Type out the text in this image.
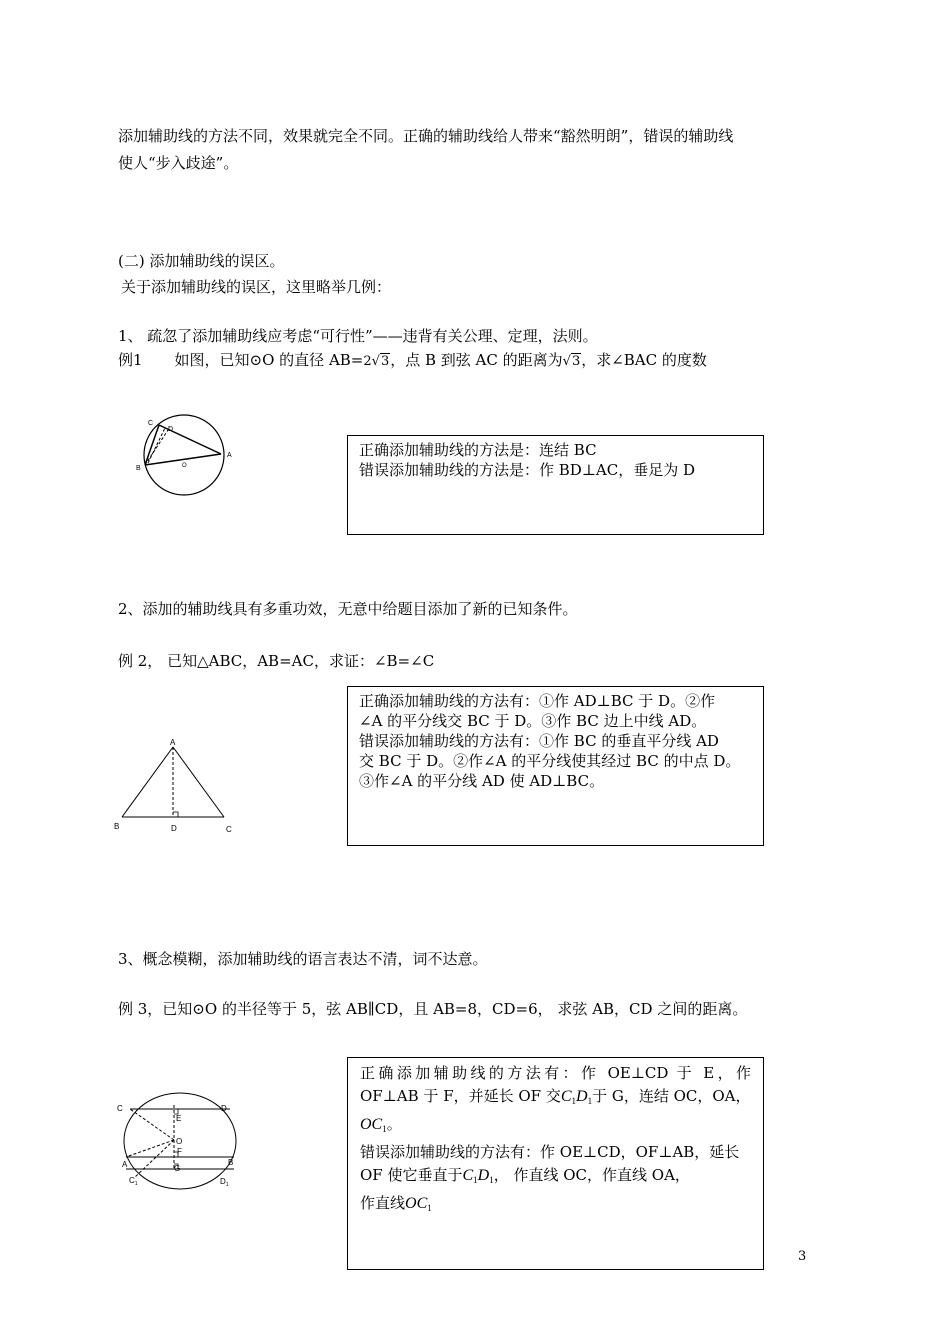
添加辅助线的方法不同，效果就完全不同。正确的辅助线给人带来“豁然明朗”，错误的辅助线
使人“步入歧途”。
(二) 添加辅助线的误区。
关于添加辅助线的误区，这里略举几例：
1、 疏忽了添加辅助线应考虑“可行性”——违背有关公理、定理，法则。
例1 如图，已知⊙O 的直径 AB=2√3，点 B 到弦 AC 的距离为√3，求∠BAC 的度数
C
D
B	O
A	正确添加辅助线的方法是：连结 BC
错误添加辅助线的方法是：作 BD⊥AC，垂足为 D
2、添加的辅助线具有多重功效，无意中给题目添加了新的已知条件。
例 2， 已知△ABC，AB=AC，求证：∠B=∠C
A
B	D	C
正确添加辅助线的方法有：①作 AD⊥BC 于 D。②作
∠A 的平分线交 BC 于 D。③作 BC 边上中线 AD。
错误添加辅助线的方法有：①作 BC 的垂直平分线 AD
交 BC 于 D。②作∠A 的平分线使其经过 BC 的中点 D。
③作∠A 的平分线 AD 使 AD⊥BC。
3、概念模糊，添加辅助线的语言表达不清，词不达意。
例 3，已知⊙O 的半径等于 5，弦 AB∥CD，且 AB=8，CD=6， 求弦 AB，CD 之间的距离。
C	D
E
O
F
A	B
G
$C_1$	$D_1$
正确添加辅助线的方法有：作 OE⊥CD 于 E，作
OF⊥AB 于 F，并延长 OF 交$C_1D_1$于 G，连结 OC，OA，
$OC_1$。
错误添加辅助线的方法有：作 OE⊥CD，OF⊥AB，延长
OF 使它垂直于$C_1D_1$， 作直线 OC，作直线 OA，
作直线$OC_1$
3
